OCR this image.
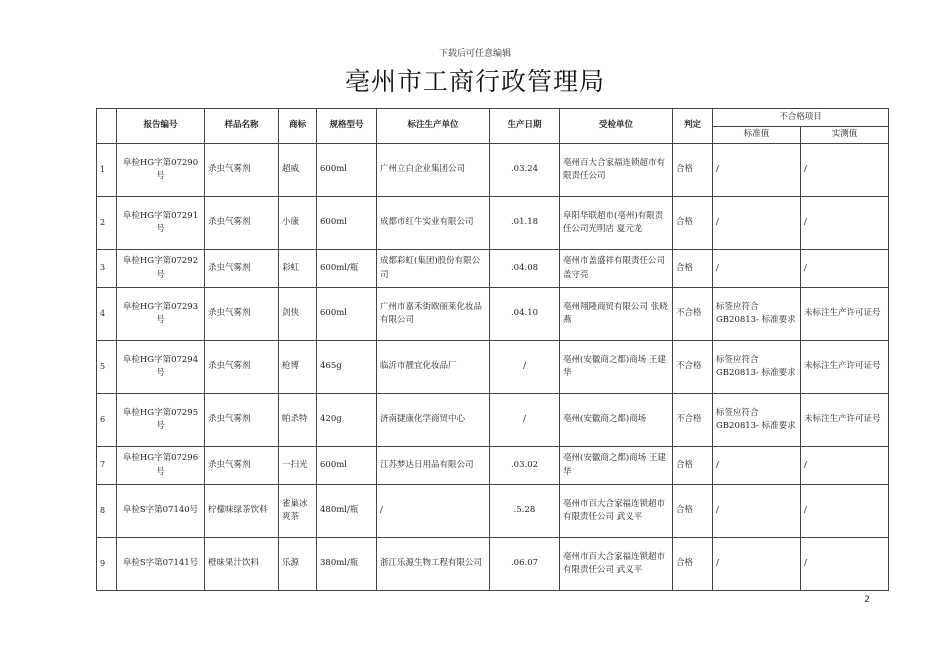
下载后可任意编辑
亳州市工商行政管理局
	报告编号	样品名称	商标	规格型号	标注生产单位	生产日期	受检单位	判定	不合格项目	
									标准值	实测值
1	阜检HG字第07290号	杀虫气雾剂	超威	600ml	广州立白企业集团公司	.03.24	亳州百大合家福连锁超市有限责任公司	合格	/	/
2	阜检HG字第07291号	杀虫气雾剂	小康	600ml	成都市红牛实业有限公司	.01.18	阜阳华联超市(亳州)有限责任公司光明店 夏元龙	合格	/	/
3	阜检HG字第07292号	杀虫气雾剂	彩虹	600ml/瓶	成都彩虹(集团)股份有限公司	.04.08	亳州市盖盛祥有限责任公司 盖守亮	合格	/	/
4	阜检HG字第07293号	杀虫气雾剂	剑侠	600ml	广州市嘉禾街欧丽莱化妆品有限公司	.04.10	亳州翔隆商贸有限公司 张晓燕	不合格	标签应符合GB20813- 标准要求	未标注生产许可证号
5	阜检HG字第07294号	杀虫气雾剂	枪博	465g	临沂市靓宜化妆品厂	/	亳州(安徽商之都)商场 王建华	不合格	标签应符合GB20813- 标准要求	未标注生产许可证号
6	阜检HG字第07295号	杀虫气雾剂	帕杀特	420g	济南捷康化学商贸中心	/	亳州(安徽商之都)商场	不合格	标签应符合GB20813- 标准要求	未标注生产许可证号
7	阜检HG字第07296号	杀虫气雾剂	一扫光	600ml	江苏梦达日用品有限公司	.03.02	亳州(安徽商之都)商场 王建华	合格	/	/
8	阜检S字第07140号	柠檬味绿茶饮料	雀巢冰爽茶	480ml/瓶	/	.5.28	亳州市百大合家福连锁超市有限责任公司 武义平	合格	/	/
9	阜检S字第07141号	橙味果汁饮料	乐源	380ml/瓶	浙江乐源生物工程有限公司	.06.07	亳州市百大合家福连锁超市有限责任公司 武义平	合格	/	/
2
